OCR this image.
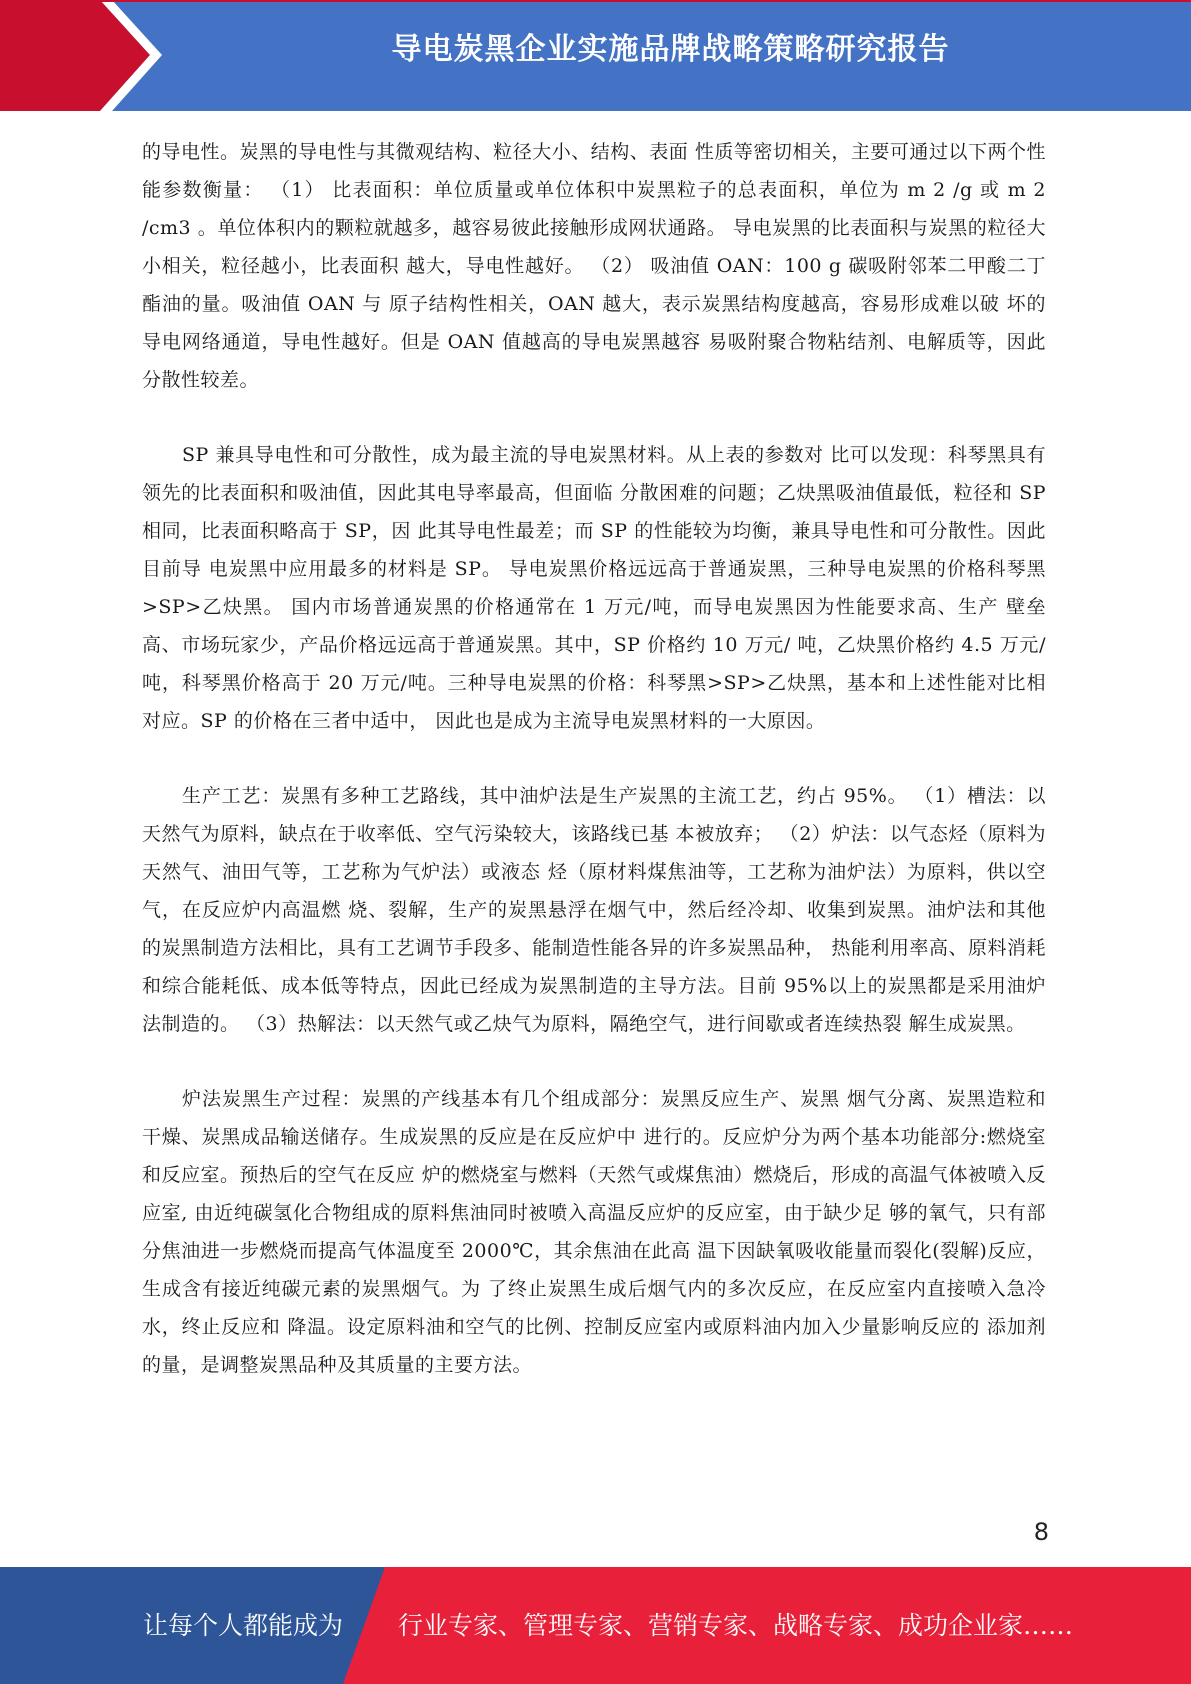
导电炭黑企业实施品牌战略策略研究报告

的导电性。炭黑的导电性与其微观结构、粒径大小、结构、表面 性质等密切相关，主要可通过以下两个性能参数衡量： （1） 比表面积：单位质量或单位体积中炭黑粒子的总表面积，单位为 m 2 /g 或 m 2 /cm3 。单位体积内的颗粒就越多，越容易彼此接触形成网状通路。 导电炭黑的比表面积与炭黑的粒径大小相关，粒径越小，比表面积 越大，导电性越好。 （2） 吸油值 OAN：100 g 碳吸附邻苯二甲酸二丁酯油的量。吸油值 OAN 与 原子结构性相关，OAN 越大，表示炭黑结构度越高，容易形成难以破 坏的导电网络通道，导电性越好。但是 OAN 值越高的导电炭黑越容 易吸附聚合物粘结剂、电解质等，因此分散性较差。

SP 兼具导电性和可分散性，成为最主流的导电炭黑材料。从上表的参数对 比可以发现：科琴黑具有领先的比表面积和吸油值，因此其电导率最高，但面临 分散困难的问题；乙炔黑吸油值最低，粒径和 SP 相同，比表面积略高于 SP，因 此其导电性最差；而 SP 的性能较为均衡，兼具导电性和可分散性。因此目前导 电炭黑中应用最多的材料是 SP。 导电炭黑价格远远高于普通炭黑，三种导电炭黑的价格科琴黑>SP>乙炔黑。 国内市场普通炭黑的价格通常在 1 万元/吨，而导电炭黑因为性能要求高、生产 壁垒高、市场玩家少，产品价格远远高于普通炭黑。其中，SP 价格约 10 万元/ 吨，乙炔黑价格约 4.5 万元/吨，科琴黑价格高于 20 万元/吨。三种导电炭黑的价格：科琴黑>SP>乙炔黑，基本和上述性能对比相对应。SP 的价格在三者中适中， 因此也是成为主流导电炭黑材料的一大原因。

生产工艺：炭黑有多种工艺路线，其中油炉法是生产炭黑的主流工艺，约占 95%。 （1）槽法：以天然气为原料，缺点在于收率低、空气污染较大，该路线已基 本被放弃； （2）炉法：以气态烃（原料为天然气、油田气等，工艺称为气炉法）或液态 烃（原材料煤焦油等，工艺称为油炉法）为原料，供以空气，在反应炉内高温燃 烧、裂解，生产的炭黑悬浮在烟气中，然后经冷却、收集到炭黑。油炉法和其他 的炭黑制造方法相比，具有工艺调节手段多、能制造性能各异的许多炭黑品种， 热能利用率高、原料消耗和综合能耗低、成本低等特点，因此已经成为炭黑制造的主导方法。目前 95%以上的炭黑都是采用油炉法制造的。 （3）热解法：以天然气或乙炔气为原料，隔绝空气，进行间歇或者连续热裂 解生成炭黑。

炉法炭黑生产过程：炭黑的产线基本有几个组成部分：炭黑反应生产、炭黑 烟气分离、炭黑造粒和干燥、炭黑成品输送储存。生成炭黑的反应是在反应炉中 进行的。反应炉分为两个基本功能部分:燃烧室和反应室。预热后的空气在反应 炉的燃烧室与燃料（天然气或煤焦油）燃烧后，形成的高温气体被喷入反应室, 由近纯碳氢化合物组成的原料焦油同时被喷入高温反应炉的反应室，由于缺少足 够的氧气，只有部分焦油进一步燃烧而提高气体温度至 2000℃，其余焦油在此高 温下因缺氧吸收能量而裂化(裂解)反应，生成含有接近纯碳元素的炭黑烟气。为 了终止炭黑生成后烟气内的多次反应，在反应室内直接喷入急冷水，终止反应和 降温。设定原料油和空气的比例、控制反应室内或原料油内加入少量影响反应的 添加剂的量，是调整炭黑品种及其质量的主要方法。

8
让每个人都能成为 行业专家、管理专家、营销专家、战略专家、成功企业家……
